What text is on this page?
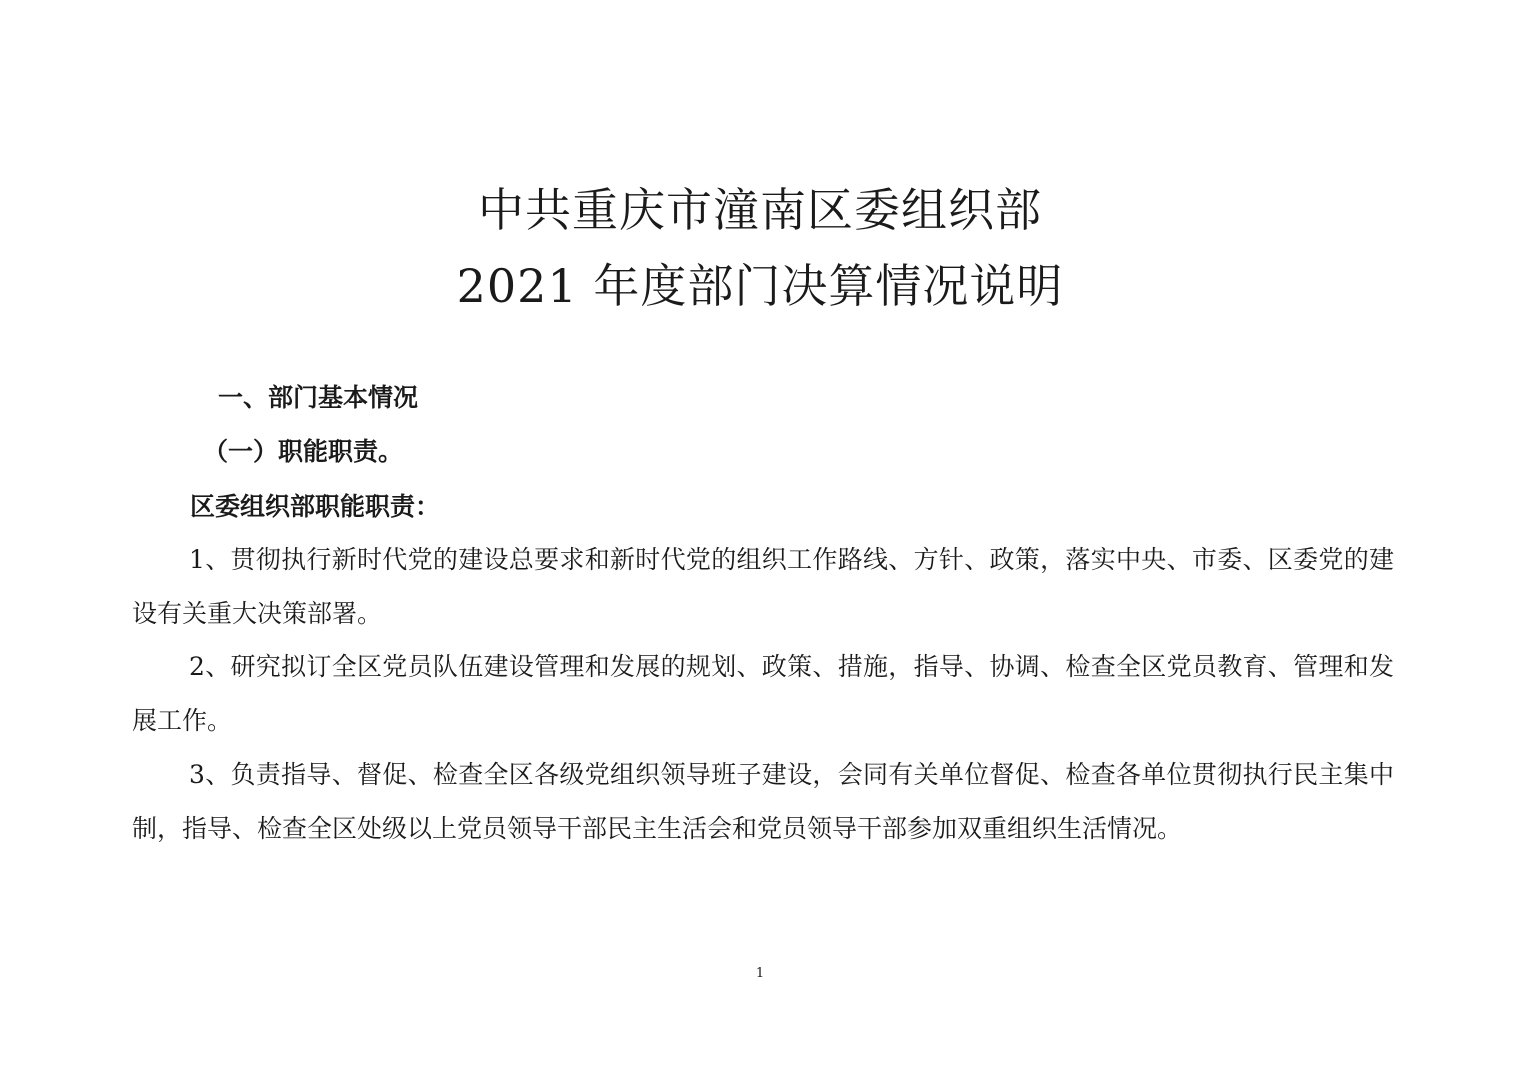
中共重庆市潼南区委组织部
2021 年度部门决算情况说明

一、部门基本情况

（一）职能职责。

区委组织部职能职责：

1、贯彻执行新时代党的建设总要求和新时代党的组织工作路线、方针、政策，落实中央、市委、区委党的建设有关重大决策部署。

2、研究拟订全区党员队伍建设管理和发展的规划、政策、措施，指导、协调、检查全区党员教育、管理和发展工作。

3、负责指导、督促、检查全区各级党组织领导班子建设，会同有关单位督促、检查各单位贯彻执行民主集中制，指导、检查全区处级以上党员领导干部民主生活会和党员领导干部参加双重组织生活情况。

1
